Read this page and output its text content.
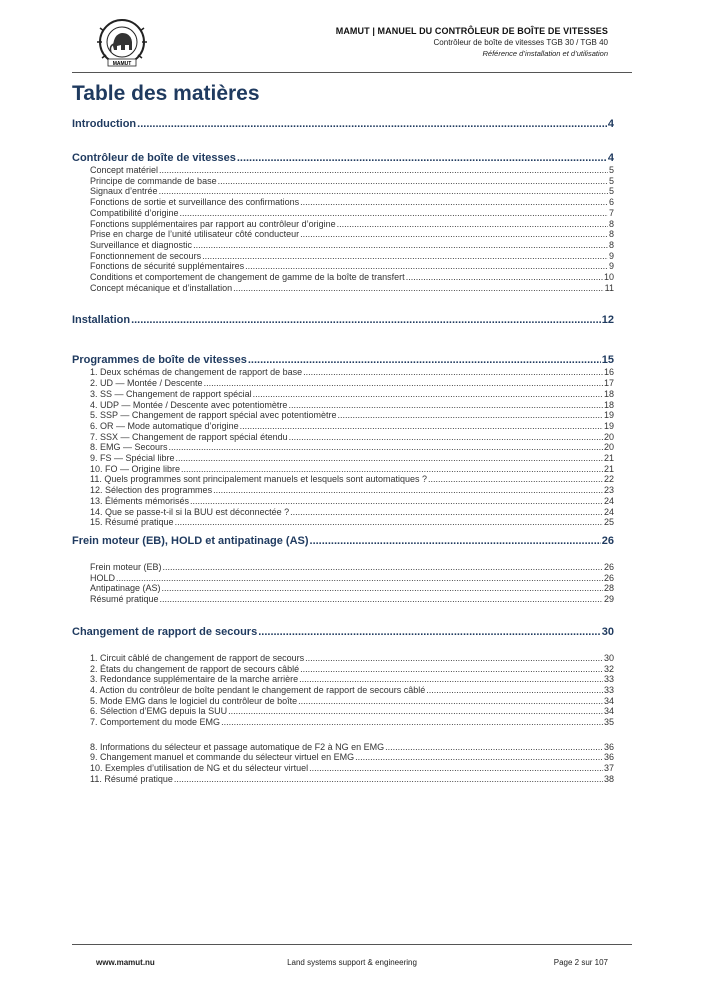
MAMUT
MAMUT | MANUEL DU CONTRÔLEUR DE BOÎTE DE VITESSES
Contrôleur de boîte de vitesses TGB 30 / TGB 40
Référence d’installation et d’utilisation
Table des matières
Introduction .....	4
Contrôleur de boîte de vitesses .....	4
Concept matériel .....	5
Principe de commande de base .....	5
Signaux d’entrée .....	5
Fonctions de sortie et surveillance des confirmations .....	6
Compatibilité d’origine .....	7
Fonctions supplémentaires par rapport au contrôleur d’origine .....	8
Prise en charge de l’unité utilisateur côté conducteur .....	8
Surveillance et diagnostic .....	8
Fonctionnement de secours .....	9
Fonctions de sécurité supplémentaires .....	9
Conditions et comportement de changement de gamme de la boîte de transfert .....	10
Concept mécanique et d’installation .....	11
Installation .....	12
Programmes de boîte de vitesses .....	15
1. Deux schémas de changement de rapport de base .....	16
2. UD — Montée / Descente .....	17
3. SS — Changement de rapport spécial .....	18
4. UDP — Montée / Descente avec potentiomètre .....	18
5. SSP — Changement de rapport spécial avec potentiomètre .....	19
6. OR — Mode automatique d’origine .....	19
7. SSX — Changement de rapport spécial étendu .....	20
8. EMG — Secours .....	20
9. FS — Spécial libre .....	21
10. FO — Origine libre .....	21
11. Quels programmes sont principalement manuels et lesquels sont automatiques ? .....	22
12. Sélection des programmes .....	23
13. Éléments mémorisés .....	24
14. Que se passe-t-il si la BUU est déconnectée ? .....	24
15. Résumé pratique .....	25
Frein moteur (EB), HOLD et antipatinage (AS) .....	26
Frein moteur (EB) .....	26
HOLD .....	26
Antipatinage (AS) .....	28
Résumé pratique .....	29
Changement de rapport de secours .....	30
1. Circuit câblé de changement de rapport de secours .....	30
2. États du changement de rapport de secours câblé .....	32
3. Redondance supplémentaire de la marche arrière .....	33
4. Action du contrôleur de boîte pendant le changement de rapport de secours câblé .....	33
5. Mode EMG dans le logiciel du contrôleur de boîte .....	34
6. Sélection d’EMG depuis la SUU .....	34
7. Comportement du mode EMG .....	35
8. Informations du sélecteur et passage automatique de F2 à NG en EMG .....	36
9. Changement manuel et commande du sélecteur virtuel en EMG .....	36
10. Exemples d’utilisation de NG et du sélecteur virtuel .....	37
11. Résumé pratique .....	38
www.mamut.nu	Land systems support & engineering	Page 2 sur 107
